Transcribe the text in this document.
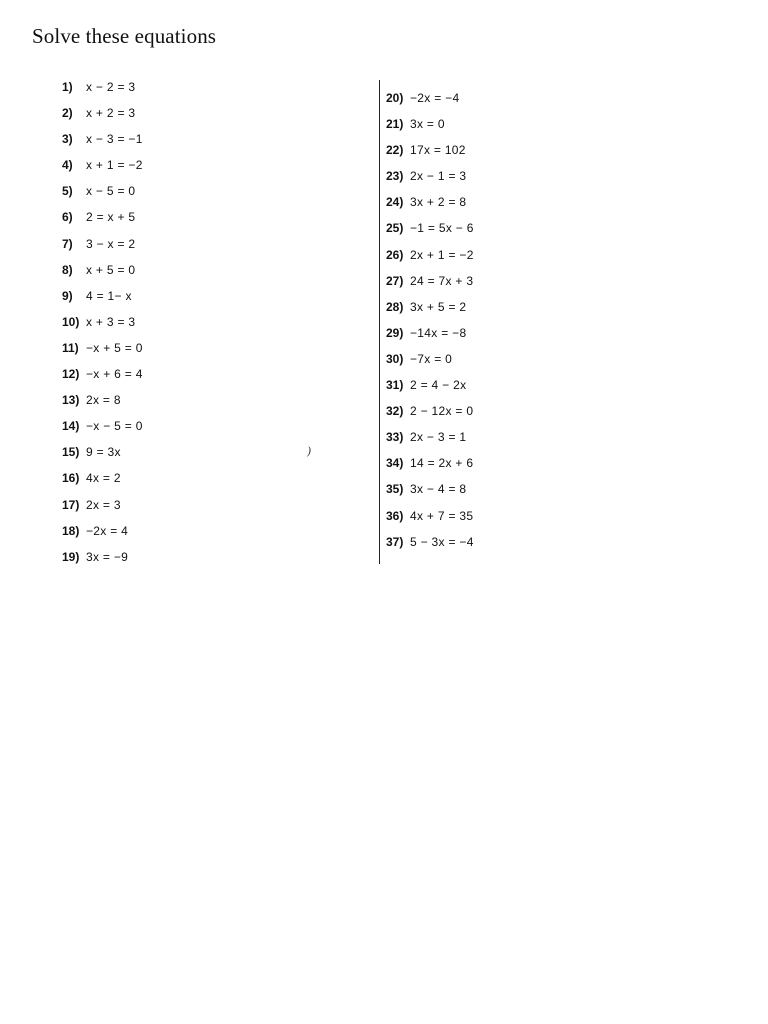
Solve these equations
1) x − 2 = 3
2) x + 2 = 3
3) x − 3 = −1
4) x + 1 = −2
5) x − 5 = 0
6) 2 = x + 5
7) 3 − x = 2
8) x + 5 = 0
9) 4 = 1− x
10) x + 3 = 3
11) −x + 5 = 0
12) −x + 6 = 4
13) 2x = 8
14) −x − 5 = 0
15) 9 = 3x
16) 4x = 2
17) 2x = 3
18) −2x = 4
19) 3x = −9
20) −2x = −4
21) 3x = 0
22) 17x = 102
23) 2x − 1 = 3
24) 3x + 2 = 8
25) −1 = 5x − 6
26) 2x + 1 = −2
27) 24 = 7x + 3
28) 3x + 5 = 2
29) −14x = −8
30) −7x = 0
31) 2 = 4 − 2x
32) 2 − 12x = 0
33) 2x − 3 = 1
34) 14 = 2x + 6
35) 3x − 4 = 8
36) 4x + 7 = 35
37) 5 − 3x = −4
)
